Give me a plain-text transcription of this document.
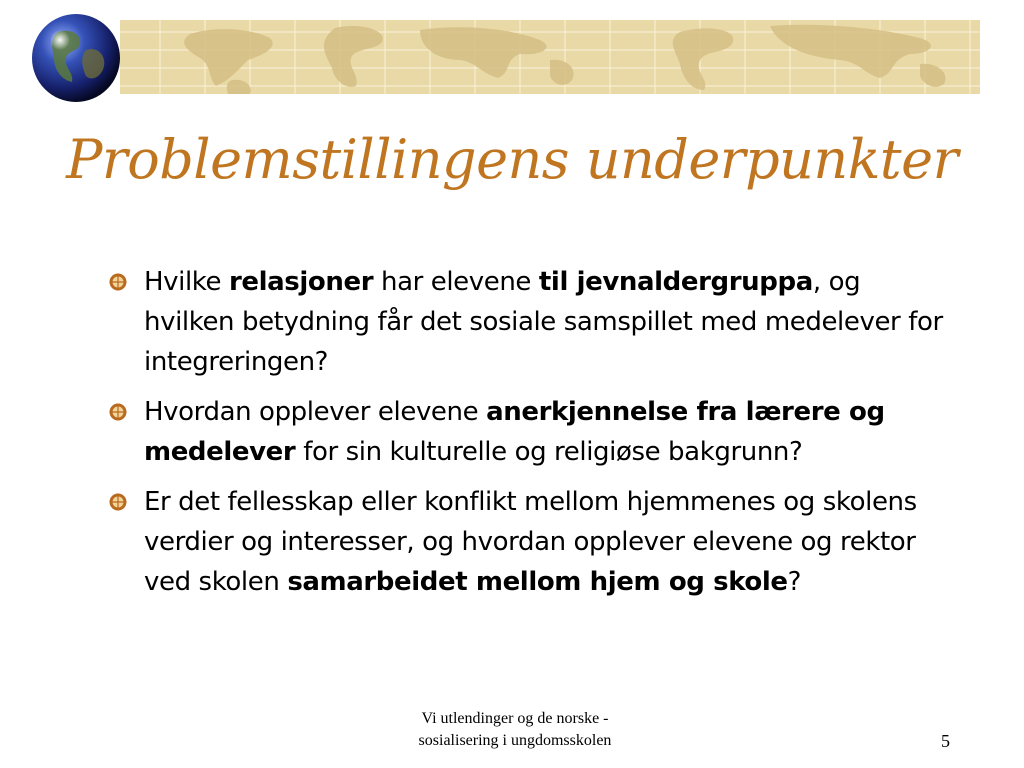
Problemstillingens underpunkter
Hvilke relasjoner har elevene til jevnaldergruppa, og hvilken betydning får det sosiale samspillet med medelever for integreringen?
Hvordan opplever elevene anerkjennelse fra lærere og medelever for sin kulturelle og religiøse bakgrunn?
Er det fellesskap eller konflikt mellom hjemmenes og skolens verdier og interesser, og hvordan opplever elevene og rektor ved skolen samarbeidet mellom hjem og skole?
Vi utlendinger og de norske -
sosialisering i ungdomsskolen	5
